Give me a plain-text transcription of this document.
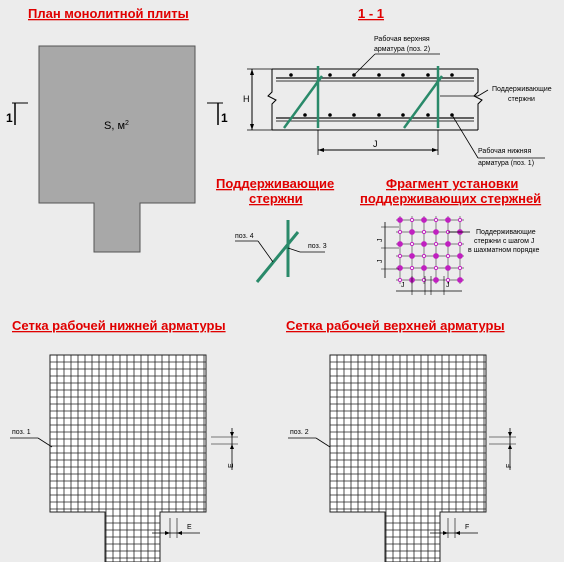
План монолитной плиты
S, $м^2$
1	1
1 - 1
H
J
Рабочая верхняя
арматура (поз. 2)
Поддерживающие
стержни
Рабочая нижняя
арматура (поз. 1)
Поддерживающие
стержни
поз. 4
поз. 3
Фрагмент установки
поддерживающих стержней
Поддерживающие
стержни с шагом J
в шахматном порядке
J
J
J	J
Сетка рабочей нижней арматуры
поз. 1
E
E
Сетка рабочей верхней арматуры
поз. 2
F
F
